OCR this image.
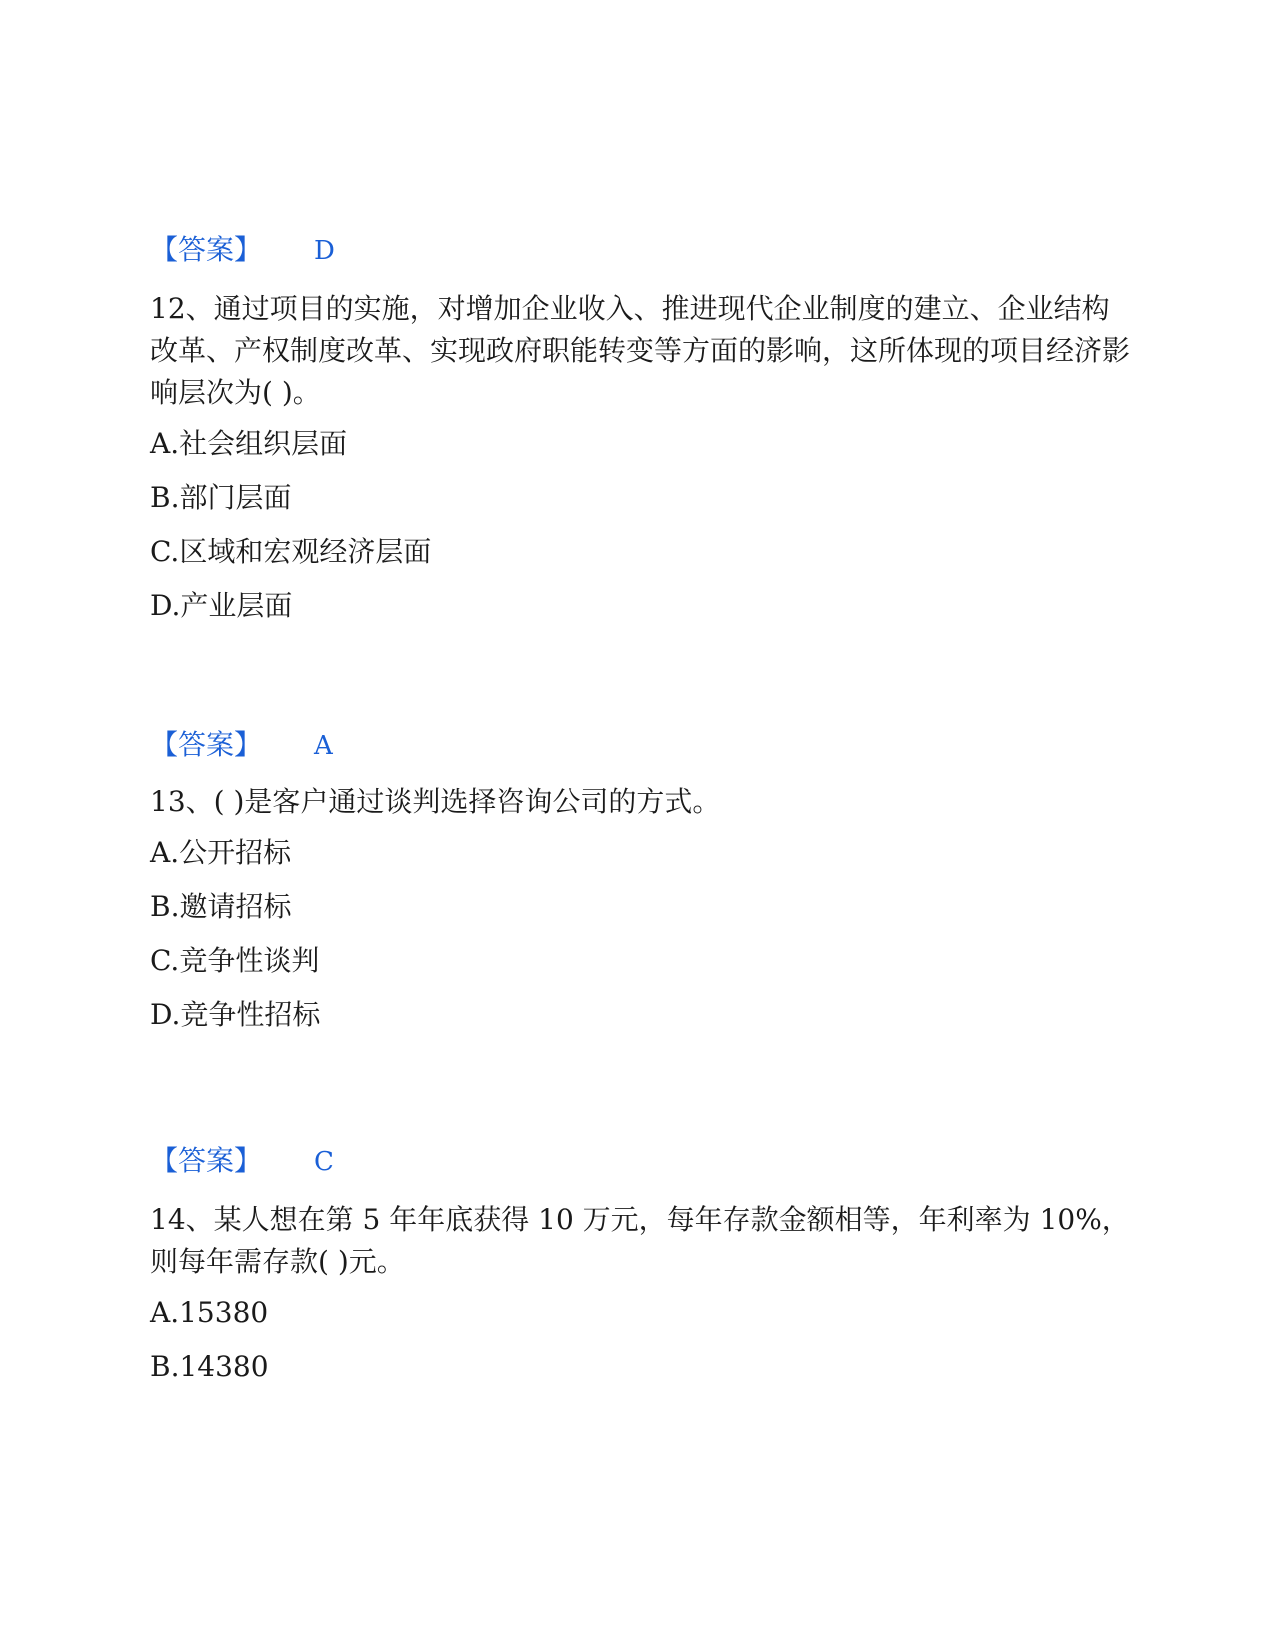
【答案】 D
12、通过项目的实施，对增加企业收入、推进现代企业制度的建立、企业结构改革、产权制度改革、实现政府职能转变等方面的影响，这所体现的项目经济影响层次为( )。
A.社会组织层面
B.部门层面
C.区域和宏观经济层面
D.产业层面
【答案】 A
13、( )是客户通过谈判选择咨询公司的方式。
A.公开招标
B.邀请招标
C.竞争性谈判
D.竞争性招标
【答案】 C
14、某人想在第 5 年年底获得 10 万元，每年存款金额相等，年利率为 10%，则每年需存款( )元。
A.15380
B.14380
